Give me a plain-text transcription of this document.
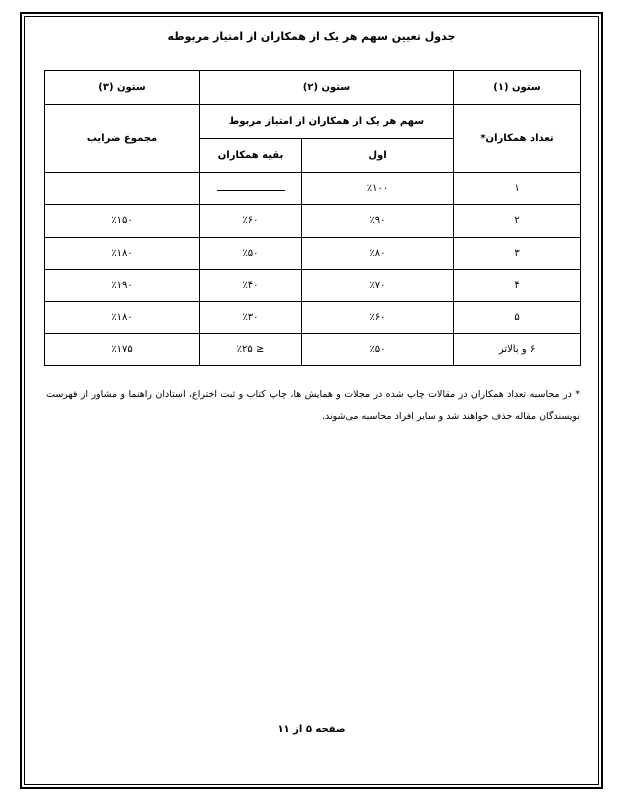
جدول تعیین سهم هر یک از همکاران از امتیاز مربوطه
ستون (۱)	ستون (۲)		ستون (۳)
تعداد همکاران*	سهم هر یک از همکاران از امتیاز مربوط		مجموع ضرایب
	اول	بقیه همکاران	
۱	٪۱۰۰		
۲	٪۹۰	٪۶۰	٪۱۵۰
۳	٪۸۰	٪۵۰	٪۱۸۰
۴	٪۷۰	٪۴۰	٪۱۹۰
۵	٪۶۰	٪۳۰	٪۱۸۰
۶ و بالاتر	٪۵۰	≤ ٪۲۵	٪۱۷۵
* در محاسبه تعداد همکاران در مقالات چاپ شده در مجلات و همایش ها، چاپ کتاب و ثبت اختراع، استادان راهنما و مشاور از فهرست نویسندگان مقاله حذف خواهند شد و سایر افراد محاسبه می‌شوند.
صفحه ۵ از ۱۱
